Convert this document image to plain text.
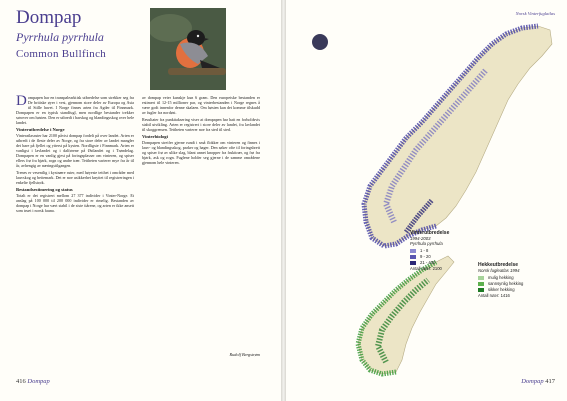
Dompap
Pyrrhula pyrrhula
Common Bullfinch

Dompapen har en transpalearktisk utbredelse som strekker seg fra De britiske øyer i vest, gjennom store deler av Europa og Asia til Stille havet. I Norge finnes arten fra Agder til Finnmark. Dompapen er en typisk standfugl, men nordlige bestander trekker sørover om høsten. Den er utbredt i barskog og blandingsskog over hele landet.

Vinterutbredelse i Norge

Vinteratlasruter har 2100 påvist dompap fordelt på over landet. Arten er utbredt i de fleste deler av Norge, og fra store deler av landet mangler det bare på fjellet og ytterst på kysten. Nordligste i Finnmark. Arten er vanligst i lavlandet og i dalførene på Østlandet og i Trøndelag. Dompapen er en vanlig gjest på foringsplasser om vinteren, og spiser ellers frø fra bjørk, rogn og andre trær. Tettheten varierer mye fra år til år, avhengig av næringstilgangen.

Trenes er vesentlig i kystnære ruter, med høyeste tetthet i områder med lauvskog og beitemark. Det er noe usikkerhet knyttet til registreringen i enkelte fjellstrøk.

Bestandsestimering og status

Totalt er det registrert mellom 27 377 individer i Vinter-Norge. Et anslag på 100 000 til 200 000 individer er rimelig. Bestanden av dompap i Norge har vært stabil i de siste tiårene, og arten er ikke ansett som truet i norsk fauna.

av dompap veier kanskje kun 6 gram. Den europeiske bestanden er estimert til 12-15 millioner par, og vinterbestanden i Norge regnes å være godt innenfor denne skalaen. Om høsten kan det komme tilskudd av fugler fra nordøst.

Resultater fra punkttaksering viser at dompapen har hatt en forholdsvis stabil utvikling. Arten er registrert i store deler av landet, fra lavlandet til skoggrensen. Tettheten varierer noe fra sted til sted.

Vinterbiologi

Dompapen streifer gjerne rundt i små flokker om vinteren og finnes i lauv- og blandingsskog, parker og hager. Den søker ofte til foringsbrett og spiser frø av ulike slag, blant annet knopper fra frukttrær, og frø fra bjørk, ask og rogn. Fuglene holder seg gjerne i de samme områdene gjennom hele vinteren.

Rudolf Bergstrøm
416 Dompap
Norsk Vinterfuglatlas
Vinterutbredelse
1994-2003
Pyrrhula pyrrhula
1 - 8
9 - 20
21 - 400
Antall ruter: 2100
Hekkeutbredelse
Norsk fugleatlas 1994
mulig hekking
sannsynlig hekking
sikker hekking
Antall ruter: 1416
Dompap 417
